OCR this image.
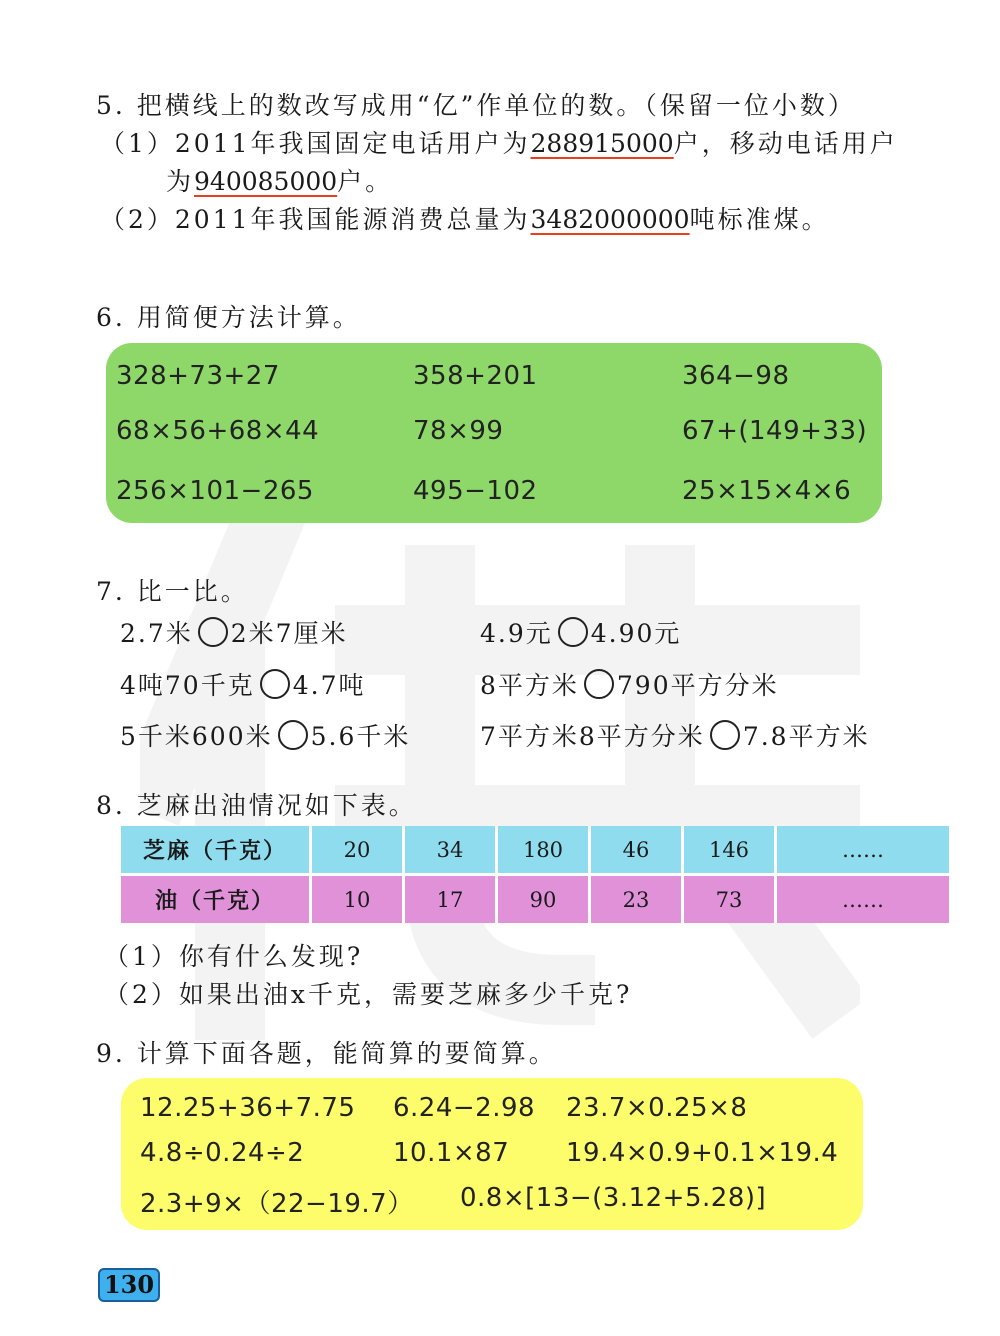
5. 把横线上的数改写成用“亿”作单位的数。（保留一位小数）
（1）2011年我国固定电话用户为288915000户，移动电话用户
为940085000户。
（2）2011年我国能源消费总量为3482000000吨标准煤。
6. 用简便方法计算。
328+73+27	358+201	364−98
68×56+68×44	78×99	67+(149+33)
256×101−265	495−102	25×15×4×6
7. 比一比。
2.7米 2米7厘米	4.9元 4.90元
4吨70千克 4.7吨	8平方米 790平方分米
5千米600米 5.6千米	7平方米8平方分米 7.8平方米
8. 芝麻出油情况如下表。
芝麻（千克）	20	34	180	46	146	……
油（千克）	10	17	90	23	73	……
（1）你有什么发现?
（2）如果出油x千克，需要芝麻多少千克?
9. 计算下面各题，能简算的要简算。
12.25+36+7.75 6.24−2.98 23.7×0.25×8
4.8÷0.24÷2	10.1×87 19.4×0.9+0.1×19.4
2.3+9×（22−19.7） 0.8×[13−(3.12+5.28)]
130
